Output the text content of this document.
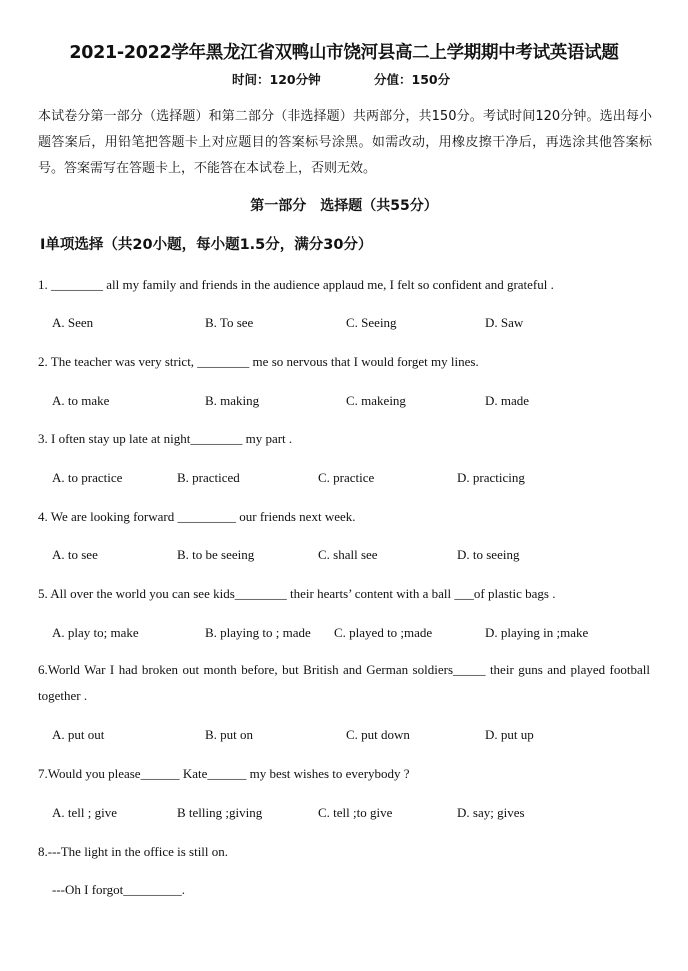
2021-2022学年黑龙江省双鸭山市饶河县高二上学期期中考试英语试题
时间：120分钟	分值：150分
本试卷分第一部分（选择题）和第二部分（非选择题）共两部分，共150分。考试时间120分钟。选出每小题答案后，用铅笔把答题卡上对应题目的答案标号涂黑。如需改动，用橡皮擦干净后，再选涂其他答案标号。答案需写在答题卡上，不能答在本试卷上，否则无效。
第一部分　选择题（共55分）
Ⅰ单项选择（共20小题，每小题1.5分，满分30分）
1. ________ all my family and friends in the audience applaud me, I felt so confident and grateful .
A. Seen	B. To see	C. Seeing	D. Saw
2. The teacher was very strict, ________ me so nervous that I would forget my lines.
A. to make	B. making	C. makeing	D. made
3. I often stay up late at night________ my part .
A. to practice	B. practiced	C. practice	D. practicing
4. We are looking forward _________ our friends next week.
A. to see	B. to be seeing	C. shall see	D. to seeing
5. All over the world you can see kids________ their hearts’ content with a ball ___of plastic bags .
A. play to; make	B. playing to ; made C. played to ;made	D. playing in ;make
6.World War I had broken out month before, but British and German soldiers_____ their guns and played football together .
A. put out	B. put on	C. put down	D. put up
7.Would you please______ Kate______ my best wishes to everybody ?
A. tell ; give	B telling ;giving	C. tell ;to give	D. say; gives
8.---The light in the office is still on.
---Oh I forgot_________.
